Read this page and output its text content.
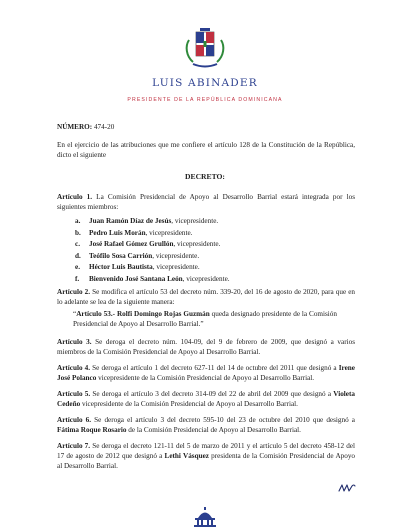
LUIS ABINADER
PRESIDENTE DE LA REPÚBLICA DOMINICANA
NÚMERO: 474-20
En el ejercicio de las atribuciones que me confiere el artículo 128 de la Constitución de la República, dicto el siguiente
DECRETO:
Artículo 1. La Comisión Presidencial de Apoyo al Desarrollo Barrial estará integrada por los siguientes miembros:
a. Juan Ramón Díaz de Jesús, vicepresidente.
b. Pedro Luis Morán, vicepresidente.
c. José Rafael Gómez Grullón, vicepresidente.
d. Teófilo Sosa Carrión, vicepresidente.
e. Héctor Luis Bautista, vicepresidente.
f. Bienvenido José Santana León, vicepresidente.
Artículo 2. Se modifica el artículo 53 del decreto núm. 339-20, del 16 de agosto de 2020, para que en lo adelante se lea de la siguiente manera:
“Artículo 53.- Rolfi Domingo Rojas Guzmán queda designado presidente de la Comisión Presidencial de Apoyo al Desarrollo Barrial.”
Artículo 3. Se deroga el decreto núm. 104-09, del 9 de febrero de 2009, que designó a varios miembros de la Comisión Presidencial de Apoyo al Desarrollo Barrial.
Artículo 4. Se deroga el artículo 1 del decreto 627-11 del 14 de octubre del 2011 que designó a Irene José Polanco vicepresidente de la Comisión Presidencial de Apoyo al Desarrollo Barrial.
Artículo 5. Se deroga el artículo 3 del decreto 314-09 del 22 de abril del 2009 que designó a Violeta Cedeño vicepresidente de la Comisión Presidencial de Apoyo al Desarrollo Barrial.
Artículo 6. Se deroga el artículo 3 del decreto 595-10 del 23 de octubre del 2010 que designó a Fátima Roque Rosario de la Comisión Presidencial de Apoyo al Desarrollo Barrial.
Artículo 7. Se deroga el decreto 121-11 del 5 de marzo de 2011 y el artículo 5 del decreto 458-12 del 17 de agosto de 2012 que designó a Lethi Vásquez presidenta de la Comisión Presidencial de Apoyo al Desarrollo Barrial.
